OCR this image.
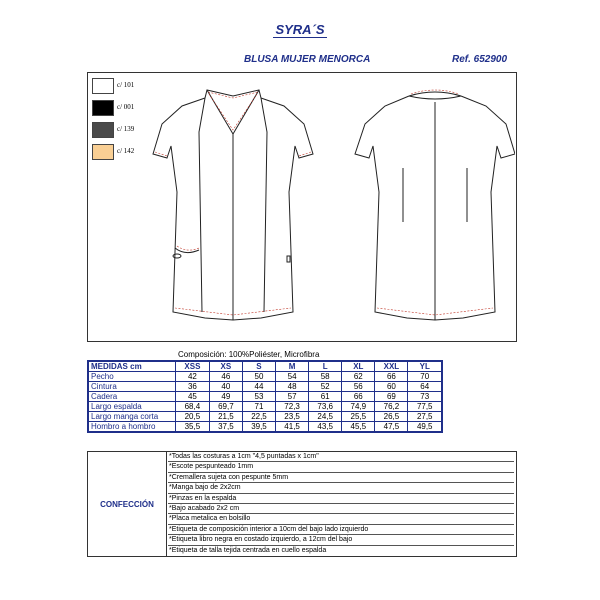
SYRA´S
BLUSA MUJER MENORCA	Ref. 652900
c/ 101
c/ 001
c/ 139
c/ 142
Composición: 100%Poliéster, Microfibra
MEDIDAS cm	XSS	XS	S	M	L	XL	XXL	YL
Pecho	42	46	50	54	58	62	66	70
Cintura	36	40	44	48	52	56	60	64
Cadera	45	49	53	57	61	66	69	73
Largo espalda	68,4	69,7	71	72,3	73,6	74,9	76,2	77,5
Largo manga corta	20,5	21,5	22,5	23,5	24,5	25,5	26,5	27,5
Hombro a hombro	35,5	37,5	39,5	41,5	43,5	45,5	47,5	49,5
CONFECCIÓN
*Todas las costuras a 1cm "4,5 puntadas x 1cm"
*Escote pespunteado 1mm
*Cremallera sujeta con pespunte 5mm
*Manga bajo de 2x2cm
*Pinzas en la espalda
*Bajo acabado 2x2 cm
*Placa metalica en bolsillo
*Etiqueta de composición interior a 10cm del bajo lado izquierdo
*Etiqueta libro negra en costado izquierdo, a 12cm del bajo
*Etiqueta de talla tejida centrada en cuello espalda
